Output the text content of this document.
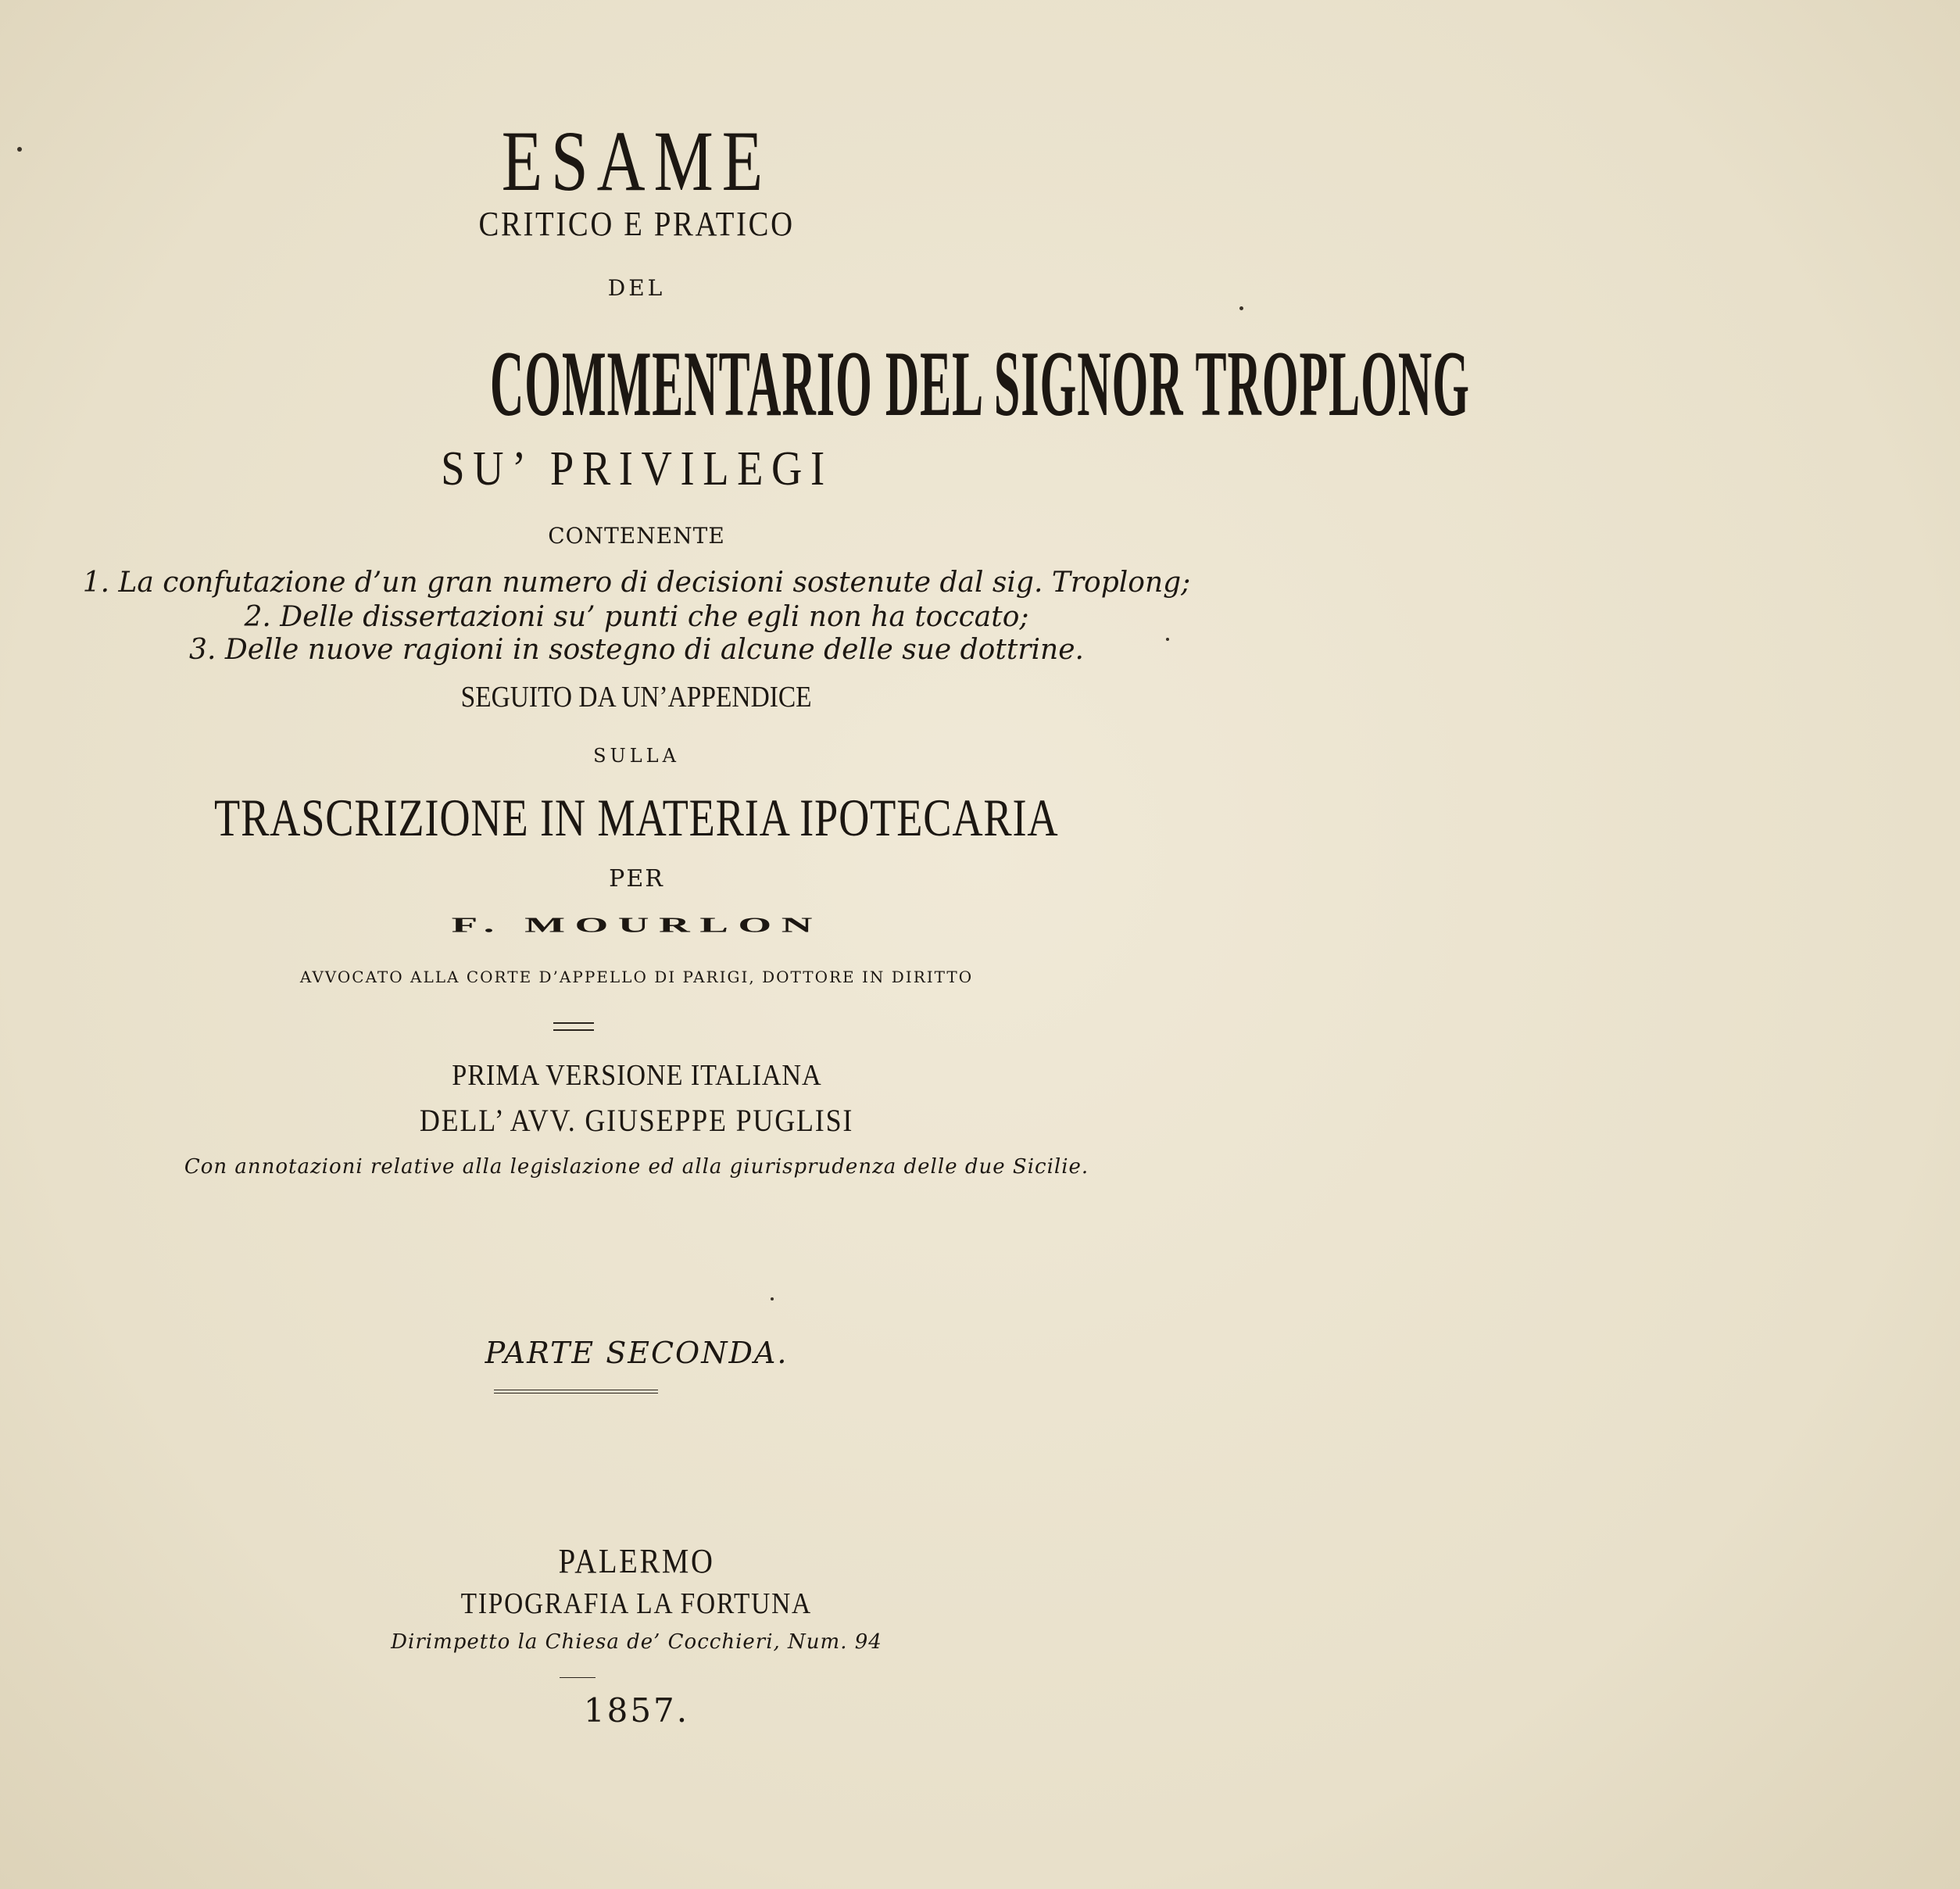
ESAME
CRITICO E PRATICO
DEL
COMMENTARIO DEL SIGNOR TROPLONG
SU’ PRIVILEGI
CONTENENTE
1. La confutazione d’un gran numero di decisioni sostenute dal sig. Troplong;
2. Delle dissertazioni su’ punti che egli non ha toccato;
3. Delle nuove ragioni in sostegno di alcune delle sue dottrine.
SEGUITO DA UN’APPENDICE
SULLA
TRASCRIZIONE IN MATERIA IPOTECARIA
PER
F. MOURLON
AVVOCATO ALLA CORTE D’APPELLO DI PARIGI, DOTTORE IN DIRITTO
PRIMA VERSIONE ITALIANA
DELL’ AVV. GIUSEPPE PUGLISI
Con annotazioni relative alla legislazione ed alla giurisprudenza delle due Sicilie.
PARTE SECONDA.
PALERMO
TIPOGRAFIA LA FORTUNA
Dirimpetto la Chiesa de’ Cocchieri, Num. 94
1857.
